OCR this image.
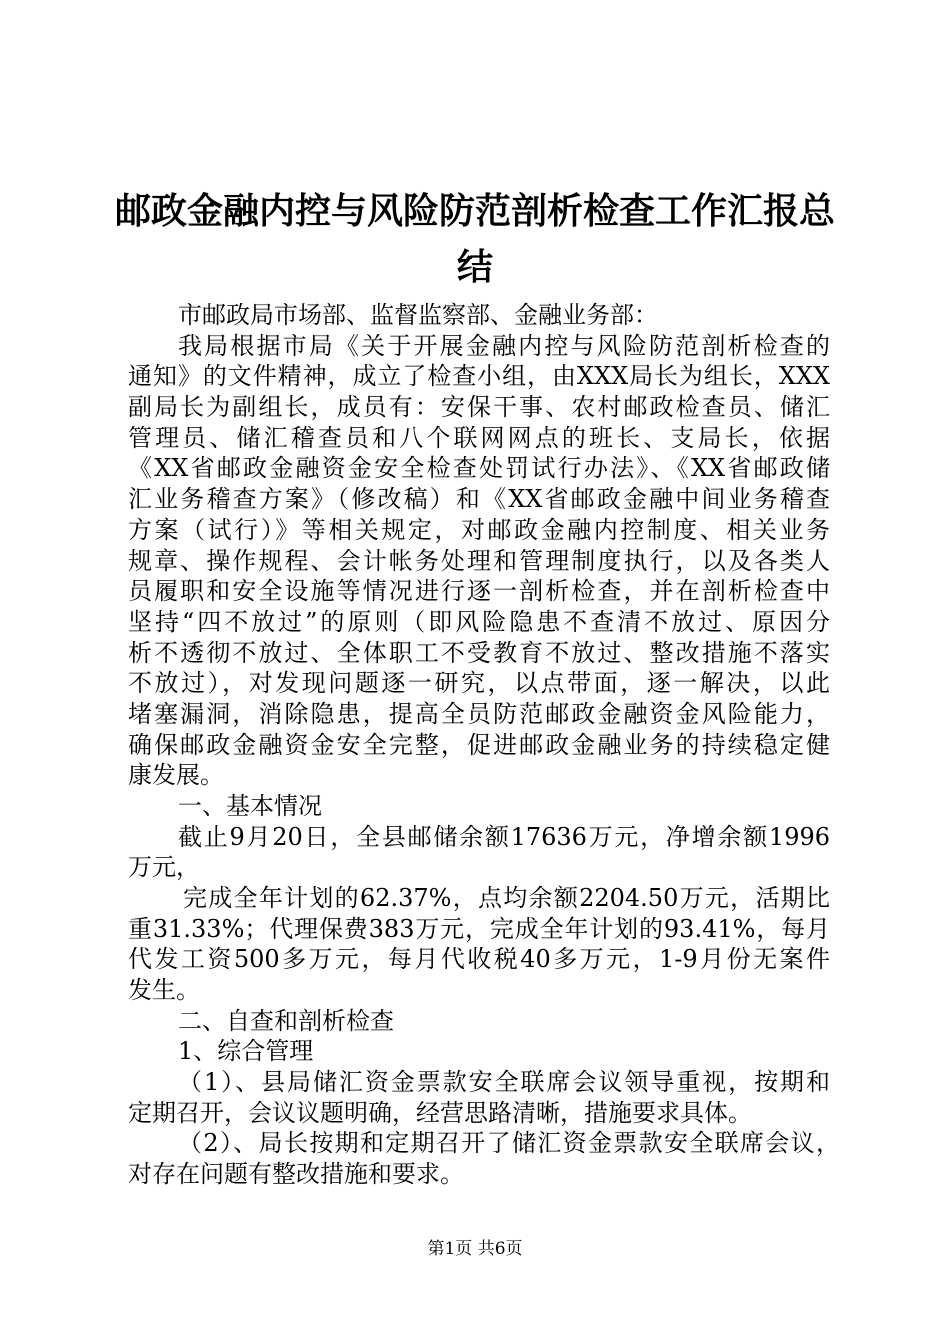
邮政金融内控与风险防范剖析检查工作汇报总
结
市邮政局市场部、监督监察部、金融业务部：
我局根据市局《关于开展金融内控与风险防范剖析检查的
通知》的文件精神，成立了检查小组，由XXX局长为组长，XXX
副局长为副组长，成员有：安保干事、农村邮政检查员、储汇
管理员、储汇稽查员和八个联网网点的班长、支局长，依据
《XX省邮政金融资金安全检查处罚试行办法》、《XX省邮政储
汇业务稽查方案》（修改稿）和《XX省邮政金融中间业务稽查
方案（试行）》等相关规定，对邮政金融内控制度、相关业务
规章、操作规程、会计帐务处理和管理制度执行，以及各类人
员履职和安全设施等情况进行逐一剖析检查，并在剖析检查中
坚持“四不放过”的原则（即风险隐患不查清不放过、原因分
析不透彻不放过、全体职工不受教育不放过、整改措施不落实
不放过），对发现问题逐一研究，以点带面，逐一解决，以此
堵塞漏洞，消除隐患，提高全员防范邮政金融资金风险能力，
确保邮政金融资金安全完整，促进邮政金融业务的持续稳定健
康发展。
一、基本情况
截止9月20日，全县邮储余额17636万元，净增余额1996
万元，
完成全年计划的62.37%，点均余额2204.50万元，活期比
重31.33%；代理保费383万元，完成全年计划的93.41%，每月
代发工资500多万元，每月代收税40多万元，1-9月份无案件
发生。
二、自查和剖析检查
1、综合管理
（1）、县局储汇资金票款安全联席会议领导重视，按期和
定期召开，会议议题明确，经营思路清晰，措施要求具体。
（2）、局长按期和定期召开了储汇资金票款安全联席会议，
对存在问题有整改措施和要求。
第1页 共6页
